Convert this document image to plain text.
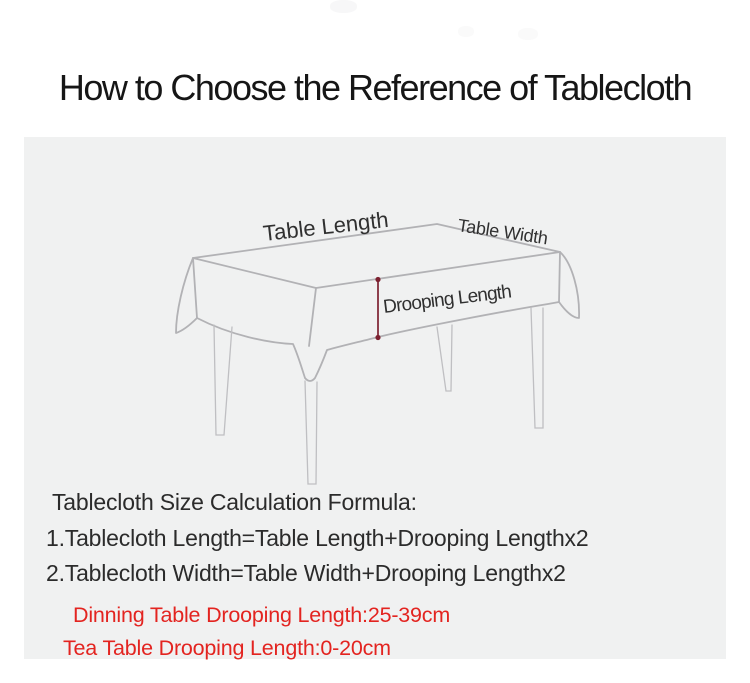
How to Choose the Reference of Tablecloth
Table Length	Table Width
Drooping Length
Tablecloth Size Calculation Formula:
1.Tablecloth Length=Table Length+Drooping Lengthx2
2.Tablecloth Width=Table Width+Drooping Lengthx2
Dinning Table Drooping Length:25-39cm
Tea Table Drooping Length:0-20cm
